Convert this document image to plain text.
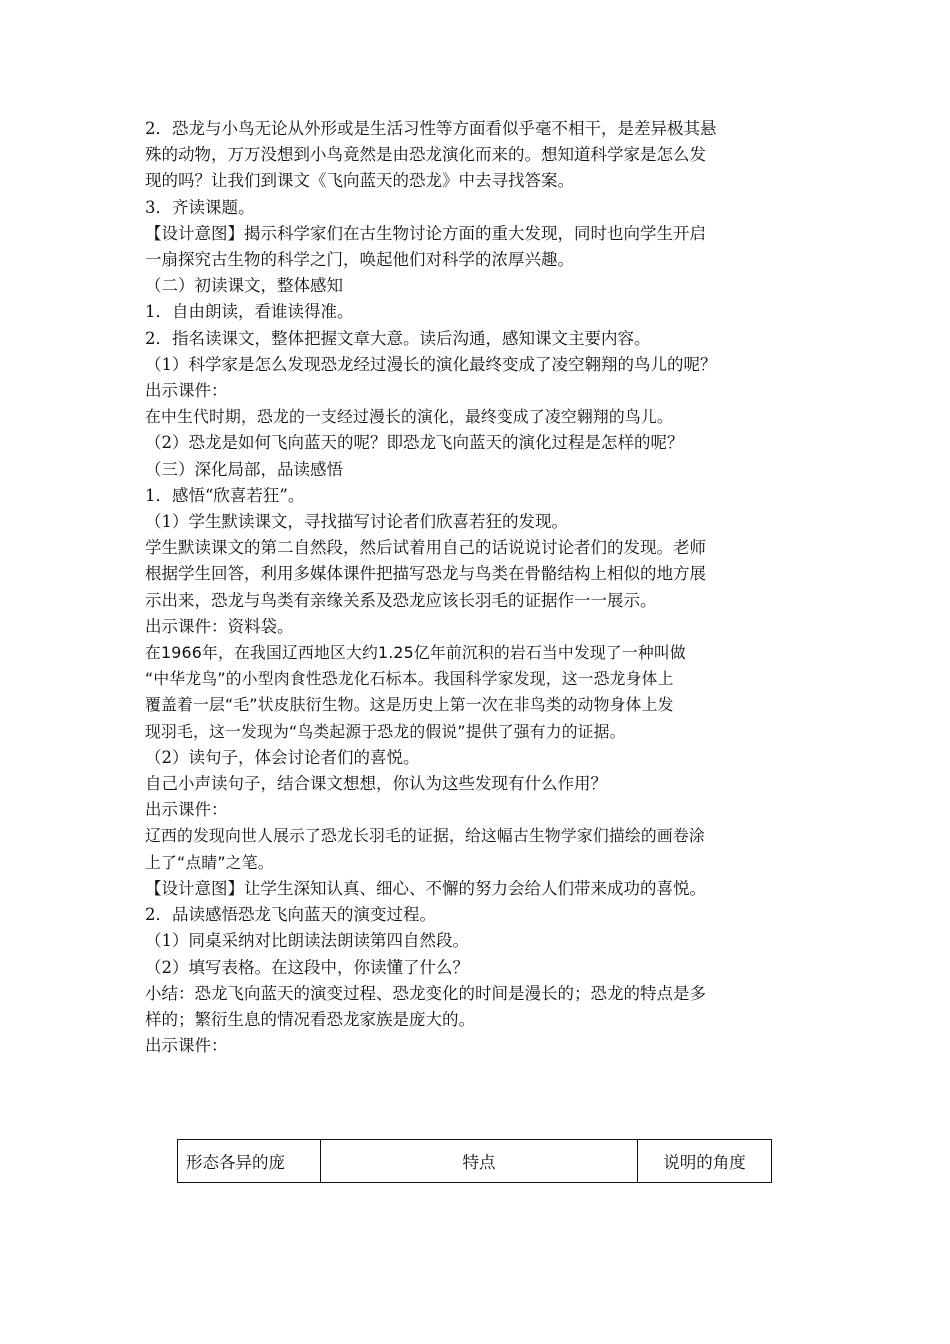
2．恐龙与小鸟无论从外形或是生活习性等方面看似乎毫不相干，是差异极其悬

殊的动物，万万没想到小鸟竟然是由恐龙演化而来的。想知道科学家是怎么发

现的吗？让我们到课文《飞向蓝天的恐龙》中去寻找答案。

3．齐读课题。

【设计意图】揭示科学家们在古生物讨论方面的重大发现，同时也向学生开启

一扇探究古生物的科学之门，唤起他们对科学的浓厚兴趣。

（二）初读课文，整体感知

1．自由朗读，看谁读得准。

2．指名读课文，整体把握文章大意。读后沟通，感知课文主要内容。

（1）科学家是怎么发现恐龙经过漫长的演化最终变成了凌空翱翔的鸟儿的呢？

出示课件：

在中生代时期，恐龙的一支经过漫长的演化，最终变成了凌空翱翔的鸟儿。

（2）恐龙是如何飞向蓝天的呢？即恐龙飞向蓝天的演化过程是怎样的呢？

（三）深化局部，品读感悟

1．感悟“欣喜若狂”。

（1）学生默读课文，寻找描写讨论者们欣喜若狂的发现。

学生默读课文的第二自然段，然后试着用自己的话说说讨论者们的发现。老师

根据学生回答，利用多媒体课件把描写恐龙与鸟类在骨骼结构上相似的地方展

示出来，恐龙与鸟类有亲缘关系及恐龙应该长羽毛的证据作一一展示。

出示课件：资料袋。

在1966年，在我国辽西地区大约1.25亿年前沉积的岩石当中发现了一种叫做

“中华龙鸟”的小型肉食性恐龙化石标本。我国科学家发现，这一恐龙身体上

覆盖着一层“毛”状皮肤衍生物。这是历史上第一次在非鸟类的动物身体上发

现羽毛，这一发现为“鸟类起源于恐龙的假说”提供了强有力的证据。

（2）读句子，体会讨论者们的喜悦。

自己小声读句子，结合课文想想，你认为这些发现有什么作用？

出示课件：

辽西的发现向世人展示了恐龙长羽毛的证据，给这幅古生物学家们描绘的画卷涂

上了“点睛”之笔。

【设计意图】让学生深知认真、细心、不懈的努力会给人们带来成功的喜悦。

2．品读感悟恐龙飞向蓝天的演变过程。

（1）同桌采纳对比朗读法朗读第四自然段。

（2）填写表格。在这段中，你读懂了什么？

小结：恐龙飞向蓝天的演变过程、恐龙变化的时间是漫长的；恐龙的特点是多

样的；繁衍生息的情况看恐龙家族是庞大的。

出示课件：

形态各异的庞	特点	说明的角度
